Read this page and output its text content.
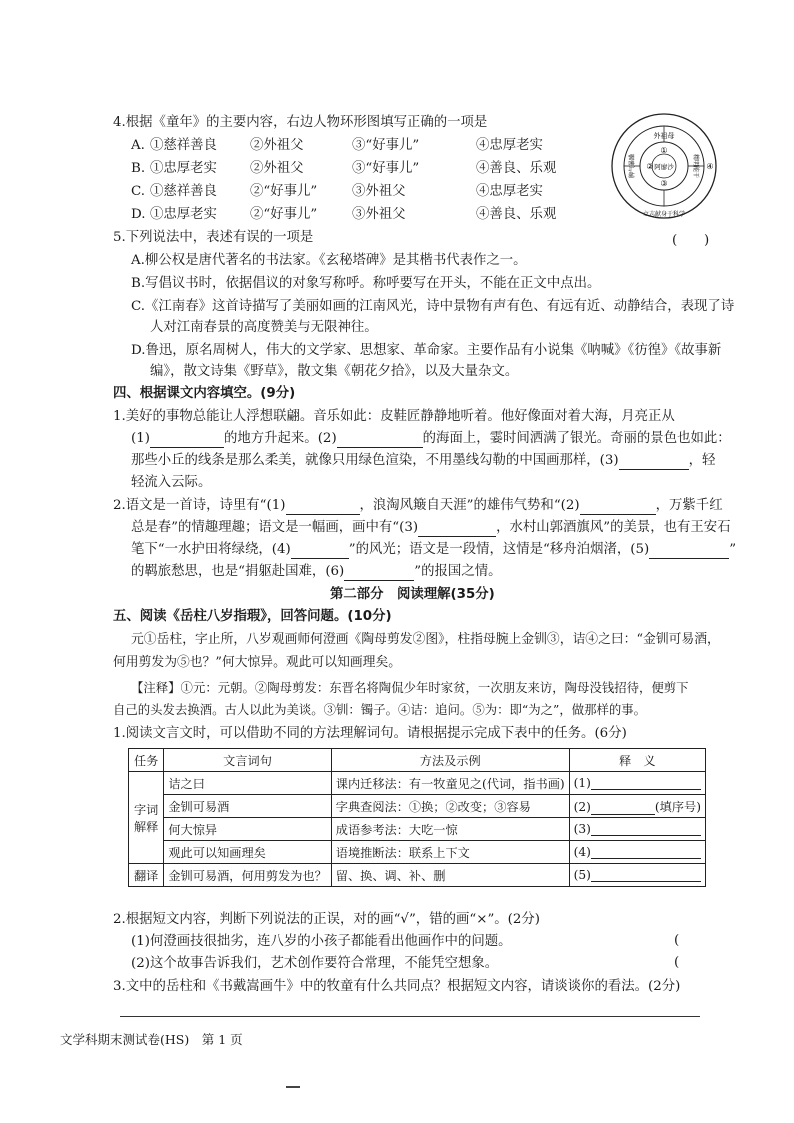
4.根据《童年》的主要内容，右边人物环形图填写正确的一项是
A. ①慈祥善良 ②外祖父	③“好事儿”	④忠厚老实
B. ①忠厚老实 ②外祖父	③“好事儿”	④善良、乐观
C. ①慈祥善良 ②“好事儿”	③外祖父	④忠厚老实
D. ①忠厚老实 ②“好事儿”	③外祖父	④善良、乐观
外祖母
阿廖沙
立志献身于科学
脾气暴躁	精明能干
①
②
③
④
5.下列说法中，表述有误的一项是	(　　)
A.柳公权是唐代著名的书法家。《玄秘塔碑》是其楷书代表作之一。
B.写倡议书时，依据倡议的对象写称呼。称呼要写在开头，不能在正文中点出。
C.《江南春》这首诗描写了美丽如画的江南风光，诗中景物有声有色、有远有近、动静结合，表现了诗
人对江南春景的高度赞美与无限神往。
D.鲁迅，原名周树人，伟大的文学家、思想家、革命家。主要作品有小说集《呐喊》《彷徨》《故事新
编》，散文诗集《野草》，散文集《朝花夕拾》，以及大量杂文。
四、根据课文内容填空。(9分)
1.美好的事物总能让人浮想联翩。音乐如此：皮鞋匠静静地听着。他好像面对着大海，月亮正从
(1)	的地方升起来。(2)	的海面上，霎时间洒满了银光。奇丽的景色也如此：
那些小丘的线条是那么柔美，就像只用绿色渲染，不用墨线勾勒的中国画那样，(3)	，轻
轻流入云际。
2.语文是一首诗，诗里有“(1)	，浪淘风簸自天涯”的雄伟气势和“(2)	，万紫千红
总是春”的情趣理趣；语文是一幅画，画中有“(3)	，水村山郭酒旗风”的美景，也有王安石
笔下“一水护田将绿绕，(4)	”的风光；语文是一段情，这情是“移舟泊烟渚，(5)	”
的羁旅愁思，也是“捐躯赴国难，(6)	”的报国之情。
第二部分　阅读理解(35分)
五、阅读《岳柱八岁指瑕》，回答问题。(10分)
元①岳柱，字止所，八岁观画师何澄画《陶母剪发②图》，柱指母腕上金钏③，诘④之曰：“金钏可易酒，
何用剪发为⑤也？”何大惊异。观此可以知画理矣。
【注释】①元：元朝。②陶母剪发：东晋名将陶侃少年时家贫，一次朋友来访，陶母没钱招待，便剪下
自己的头发去换酒。古人以此为美谈。③钏：镯子。④诘：追问。⑤为：即“为之”，做那样的事。
1.阅读文言文时，可以借助不同的方法理解词句。请根据提示完成下表中的任务。(6分)
任务	文言词句	方法及示例	释　义
字词解释	诘之曰	课内迁移法：有一牧童见之(代词，指书画)	(1)
	金钏可易酒	字典查阅法：①换；②改变；③容易	(2) (填序号)
	何大惊异	成语参考法：大吃一惊	(3)
	观此可以知画理矣	语境推断法：联系上下文	(4)
翻译	金钏可易酒，何用剪发为也？	留、换、调、补、删	(5)
2.根据短文内容，判断下列说法的正误，对的画“√”，错的画“×”。(2分)
(1)何澄画技很拙劣，连八岁的小孩子都能看出他画作中的问题。	(
(2)这个故事告诉我们，艺术创作要符合常理，不能凭空想象。	(
3.文中的岳柱和《书戴嵩画牛》中的牧童有什么共同点？根据短文内容，请谈谈你的看法。(2分)
文学科期末测试卷(HS)　第 1 页
